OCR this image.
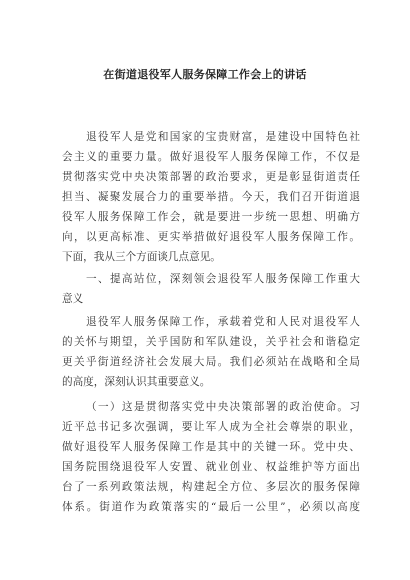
在街道退役军人服务保障工作会上的讲话
退役军人是党和国家的宝贵财富，是建设中国特色社
会主义的重要力量。做好退役军人服务保障工作，不仅是
贯彻落实党中央决策部署的政治要求，更是彰显街道责任
担当、凝聚发展合力的重要举措。今天，我们召开街道退
役军人服务保障工作会，就是要进一步统一思想、明确方
向，以更高标准、更实举措做好退役军人服务保障工作。
下面，我从三个方面谈几点意见。
一、提高站位，深刻领会退役军人服务保障工作重大
意义
退役军人服务保障工作，承载着党和人民对退役军人
的关怀与期望，关乎国防和军队建设，关乎社会和谐稳定
更关乎街道经济社会发展大局。我们必须站在战略和全局
的高度，深刻认识其重要意义。
（一）这是贯彻落实党中央决策部署的政治使命。习
近平总书记多次强调，要让军人成为全社会尊崇的职业，
做好退役军人服务保障工作是其中的关键一环。党中央、
国务院围绕退役军人安置、就业创业、权益维护等方面出
台了一系列政策法规，构建起全方位、多层次的服务保障
体系。街道作为政策落实的“最后一公里”，必须以高度
